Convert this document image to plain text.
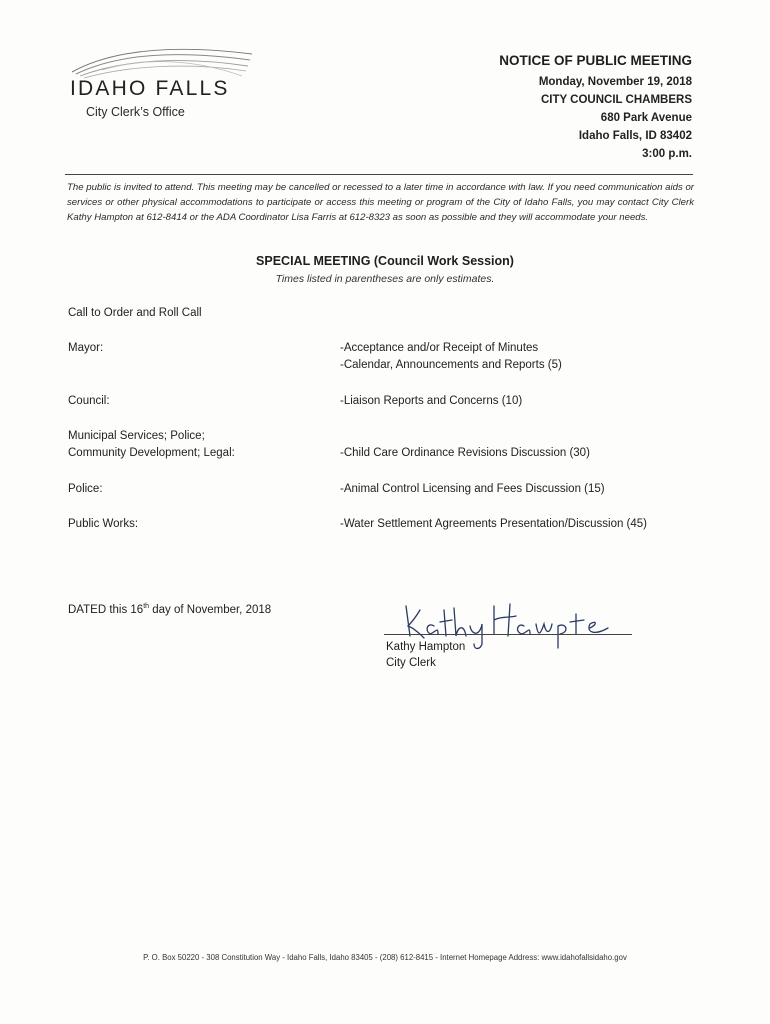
IDAHO FALLS
City Clerk’s Office
NOTICE OF PUBLIC MEETING
Monday, November 19, 2018
CITY COUNCIL CHAMBERS
680 Park Avenue
Idaho Falls, ID 83402
3:00 p.m.
The public is invited to attend. This meeting may be cancelled or recessed to a later time in accordance with law. If you need communication aids or services or other physical accommodations to participate or access this meeting or program of the City of Idaho Falls, you may contact City Clerk Kathy Hampton at 612-8414 or the ADA Coordinator Lisa Farris at 612-8323 as soon as possible and they will accommodate your needs.
SPECIAL MEETING (Council Work Session)
Times listed in parentheses are only estimates.
Call to Order and Roll Call
Mayor:	-Acceptance and/or Receipt of Minutes
-Calendar, Announcements and Reports (5)
Council:	-Liaison Reports and Concerns (10)
Municipal Services; Police;
Community Development; Legal:	-Child Care Ordinance Revisions Discussion (30)
Police:	-Animal Control Licensing and Fees Discussion (15)
Public Works:	-Water Settlement Agreements Presentation/Discussion (45)
DATED this 16th day of November, 2018
Kathy Hampton
City Clerk
P. O. Box 50220 - 308 Constitution Way - Idaho Falls, Idaho 83405 - (208) 612-8415 - Internet Homepage Address: www.idahofallsidaho.gov
